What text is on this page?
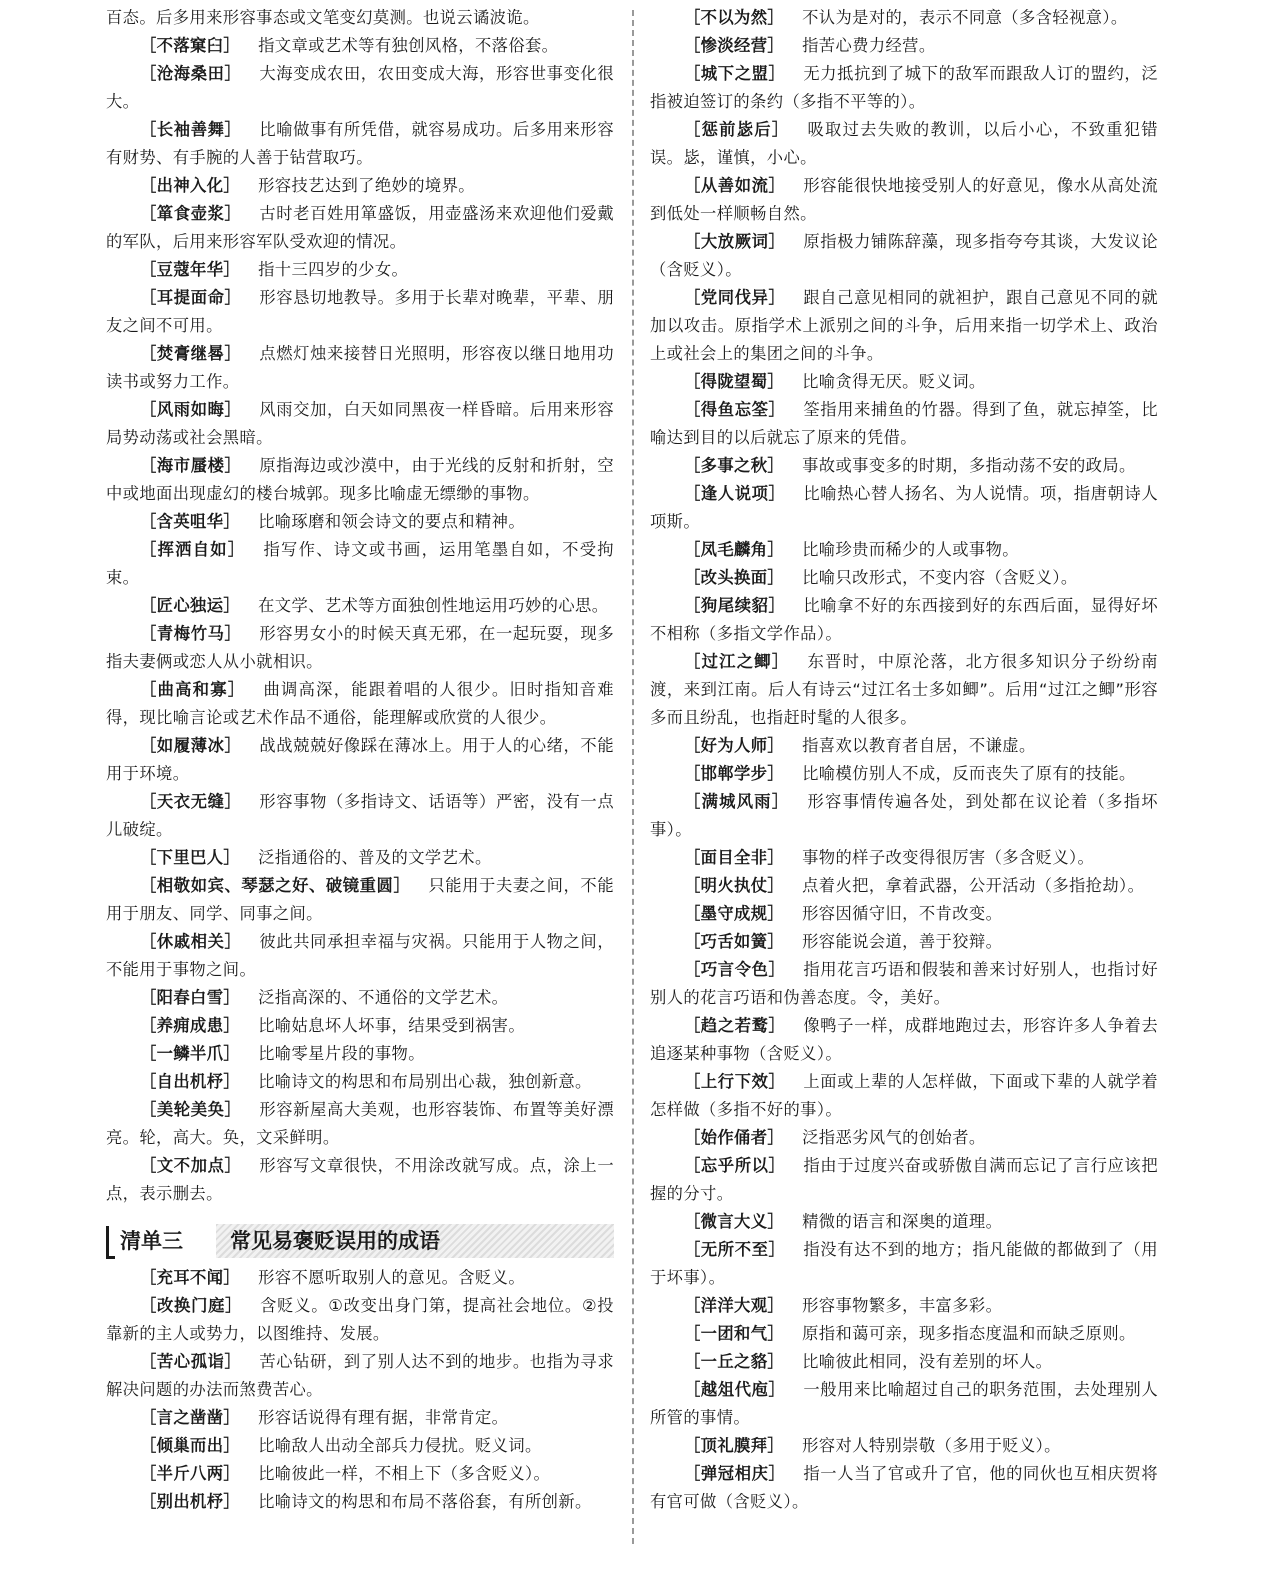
百态。后多用来形容事态或文笔变幻莫测。也说云谲波诡。

［不落窠臼］ 指文章或艺术等有独创风格，不落俗套。

［沧海桑田］ 大海变成农田，农田变成大海，形容世事变化很大。

［长袖善舞］ 比喻做事有所凭借，就容易成功。后多用来形容有财势、有手腕的人善于钻营取巧。

［出神入化］ 形容技艺达到了绝妙的境界。

［箪食壶浆］ 古时老百姓用箪盛饭，用壶盛汤来欢迎他们爱戴的军队，后用来形容军队受欢迎的情况。

［豆蔻年华］ 指十三四岁的少女。

［耳提面命］ 形容恳切地教导。多用于长辈对晚辈，平辈、朋友之间不可用。

［焚膏继晷］ 点燃灯烛来接替日光照明，形容夜以继日地用功读书或努力工作。

［风雨如晦］ 风雨交加，白天如同黑夜一样昏暗。后用来形容局势动荡或社会黑暗。

［海市蜃楼］ 原指海边或沙漠中，由于光线的反射和折射，空中或地面出现虚幻的楼台城郭。现多比喻虚无缥缈的事物。

［含英咀华］ 比喻琢磨和领会诗文的要点和精神。

［挥洒自如］ 指写作、诗文或书画，运用笔墨自如，不受拘束。

［匠心独运］ 在文学、艺术等方面独创性地运用巧妙的心思。

［青梅竹马］ 形容男女小的时候天真无邪，在一起玩耍，现多指夫妻俩或恋人从小就相识。

［曲高和寡］ 曲调高深，能跟着唱的人很少。旧时指知音难得，现比喻言论或艺术作品不通俗，能理解或欣赏的人很少。

［如履薄冰］ 战战兢兢好像踩在薄冰上。用于人的心绪，不能用于环境。

［天衣无缝］ 形容事物（多指诗文、话语等）严密，没有一点儿破绽。

［下里巴人］ 泛指通俗的、普及的文学艺术。

［相敬如宾、琴瑟之好、破镜重圆］ 只能用于夫妻之间，不能用于朋友、同学、同事之间。

［休戚相关］ 彼此共同承担幸福与灾祸。只能用于人物之间，不能用于事物之间。

［阳春白雪］ 泛指高深的、不通俗的文学艺术。

［养痈成患］ 比喻姑息坏人坏事，结果受到祸害。

［一鳞半爪］ 比喻零星片段的事物。

［自出机杼］ 比喻诗文的构思和布局别出心裁，独创新意。

［美轮美奂］ 形容新屋高大美观，也形容装饰、布置等美好漂亮。轮，高大。奂，文采鲜明。

［文不加点］ 形容写文章很快，不用涂改就写成。点，涂上一点，表示删去。

清单三	常见易褒贬误用的成语

［充耳不闻］ 形容不愿听取别人的意见。含贬义。

［改换门庭］ 含贬义。①改变出身门第，提高社会地位。②投靠新的主人或势力，以图维持、发展。

［苦心孤诣］ 苦心钻研，到了别人达不到的地步。也指为寻求解决问题的办法而煞费苦心。

［言之凿凿］ 形容话说得有理有据，非常肯定。

［倾巢而出］ 比喻敌人出动全部兵力侵扰。贬义词。

［半斤八两］ 比喻彼此一样，不相上下（多含贬义）。

［别出机杼］ 比喻诗文的构思和布局不落俗套，有所创新。

［不以为然］ 不认为是对的，表示不同意（多含轻视意）。

［惨淡经营］ 指苦心费力经营。

［城下之盟］ 无力抵抗到了城下的敌军而跟敌人订的盟约，泛指被迫签订的条约（多指不平等的）。

［惩前毖后］ 吸取过去失败的教训，以后小心，不致重犯错误。毖，谨慎，小心。

［从善如流］ 形容能很快地接受别人的好意见，像水从高处流到低处一样顺畅自然。

［大放厥词］ 原指极力铺陈辞藻，现多指夸夸其谈，大发议论（含贬义）。

［党同伐异］ 跟自己意见相同的就袒护，跟自己意见不同的就加以攻击。原指学术上派别之间的斗争，后用来指一切学术上、政治上或社会上的集团之间的斗争。

［得陇望蜀］ 比喻贪得无厌。贬义词。

［得鱼忘筌］ 筌指用来捕鱼的竹器。得到了鱼，就忘掉筌，比喻达到目的以后就忘了原来的凭借。

［多事之秋］ 事故或事变多的时期，多指动荡不安的政局。

［逢人说项］ 比喻热心替人扬名、为人说情。项，指唐朝诗人项斯。

［凤毛麟角］ 比喻珍贵而稀少的人或事物。

［改头换面］ 比喻只改形式，不变内容（含贬义）。

［狗尾续貂］ 比喻拿不好的东西接到好的东西后面，显得好坏不相称（多指文学作品）。

［过江之鲫］ 东晋时，中原沦落，北方很多知识分子纷纷南渡，来到江南。后人有诗云“过江名士多如鲫”。后用“过江之鲫”形容多而且纷乱，也指赶时髦的人很多。

［好为人师］ 指喜欢以教育者自居，不谦虚。

［邯郸学步］ 比喻模仿别人不成，反而丧失了原有的技能。

［满城风雨］ 形容事情传遍各处，到处都在议论着（多指坏事）。

［面目全非］ 事物的样子改变得很厉害（多含贬义）。

［明火执仗］ 点着火把，拿着武器，公开活动（多指抢劫）。

［墨守成规］ 形容因循守旧，不肯改变。

［巧舌如簧］ 形容能说会道，善于狡辩。

［巧言令色］ 指用花言巧语和假装和善来讨好别人，也指讨好别人的花言巧语和伪善态度。令，美好。

［趋之若鹜］ 像鸭子一样，成群地跑过去，形容许多人争着去追逐某种事物（含贬义）。

［上行下效］ 上面或上辈的人怎样做，下面或下辈的人就学着怎样做（多指不好的事）。

［始作俑者］ 泛指恶劣风气的创始者。

［忘乎所以］ 指由于过度兴奋或骄傲自满而忘记了言行应该把握的分寸。

［微言大义］ 精微的语言和深奥的道理。

［无所不至］ 指没有达不到的地方；指凡能做的都做到了（用于坏事）。

［洋洋大观］ 形容事物繁多，丰富多彩。

［一团和气］ 原指和蔼可亲，现多指态度温和而缺乏原则。

［一丘之貉］ 比喻彼此相同，没有差别的坏人。

［越俎代庖］ 一般用来比喻超过自己的职务范围，去处理别人所管的事情。

［顶礼膜拜］ 形容对人特别崇敬（多用于贬义）。

［弹冠相庆］ 指一人当了官或升了官，他的同伙也互相庆贺将有官可做（含贬义）。
